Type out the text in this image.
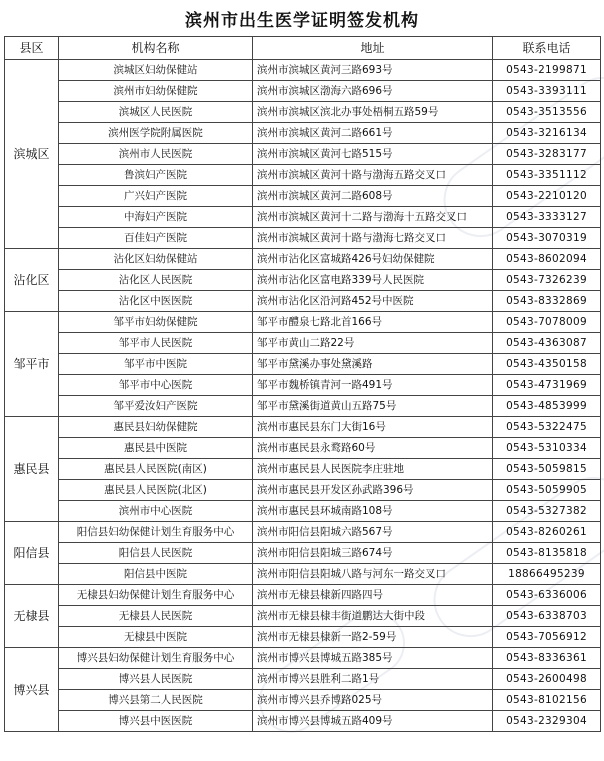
滨州市出生医学证明签发机构
县区	机构名称	地址	联系电话
滨城区	滨城区妇幼保健站	滨州市滨城区黄河三路693号	0543-2199871
	滨州市妇幼保健院	滨州市滨城区渤海六路696号	0543-3393111
	滨城区人民医院	滨州市滨城区滨北办事处梧桐五路59号	0543-3513556
	滨州医学院附属医院	滨州市滨城区黄河二路661号	0543-3216134
	滨州市人民医院	滨州市滨城区黄河七路515号	0543-3283177
	鲁滨妇产医院	滨州市滨城区黄河十路与渤海五路交叉口	0543-3351112
	广兴妇产医院	滨州市滨城区黄河二路608号	0543-2210120
	中海妇产医院	滨州市滨城区黄河十二路与渤海十五路交叉口	0543-3333127
	百佳妇产医院	滨州市滨城区黄河十路与渤海七路交叉口	0543-3070319
沾化区	沾化区妇幼保健站	滨州市沾化区富城路426号妇幼保健院	0543-8602094
	沾化区人民医院	滨州市沾化区富电路339号人民医院	0543-7326239
	沾化区中医医院	滨州市沾化区沿河路452号中医院	0543-8332869
邹平市	邹平市妇幼保健院	邹平市醴泉七路北首166号	0543-7078009
	邹平市人民医院	邹平市黄山二路22号	0543-4363087
	邹平市中医院	邹平市黛溪办事处黛溪路	0543-4350158
	邹平市中心医院	邹平市魏桥镇青河一路491号	0543-4731969
	邹平爱汝妇产医院	邹平市黛溪街道黄山五路75号	0543-4853999
惠民县	惠民县妇幼保健院	滨州市惠民县东门大街16号	0543-5322475
	惠民县中医院	滨州市惠民县永鹜路60号	0543-5310334
	惠民县人民医院(南区)	滨州市惠民县人民医院李庄驻地	0543-5059815
	惠民县人民医院(北区)	滨州市惠民县开发区孙武路396号	0543-5059905
	滨州市中心医院	滨州市惠民县环城南路108号	0543-5327382
阳信县	阳信县妇幼保健计划生育服务中心	滨州市阳信县阳城六路567号	0543-8260261
	阳信县人民医院	滨州市阳信县阳城三路674号	0543-8135818
	阳信县中医院	滨州市阳信县阳城八路与河东一路交叉口	18866495239
无棣县	无棣县妇幼保健计划生育服务中心	滨州市无棣县棣新四路四号	0543-6336006
	无棣县人民医院	滨州市无棣县棣丰街道鹏达大街中段	0543-6338703
	无棣县中医院	滨州市无棣县棣新一路2-59号	0543-7056912
博兴县	博兴县妇幼保健计划生育服务中心	滨州市博兴县博城五路385号	0543-8336361
	博兴县人民医院	滨州市博兴县胜利二路1号	0543-2600498
	博兴县第二人民医院	滨州市博兴县乔博路025号	0543-8102156
	博兴县中医医院	滨州市博兴县博城五路409号	0543-2329304
